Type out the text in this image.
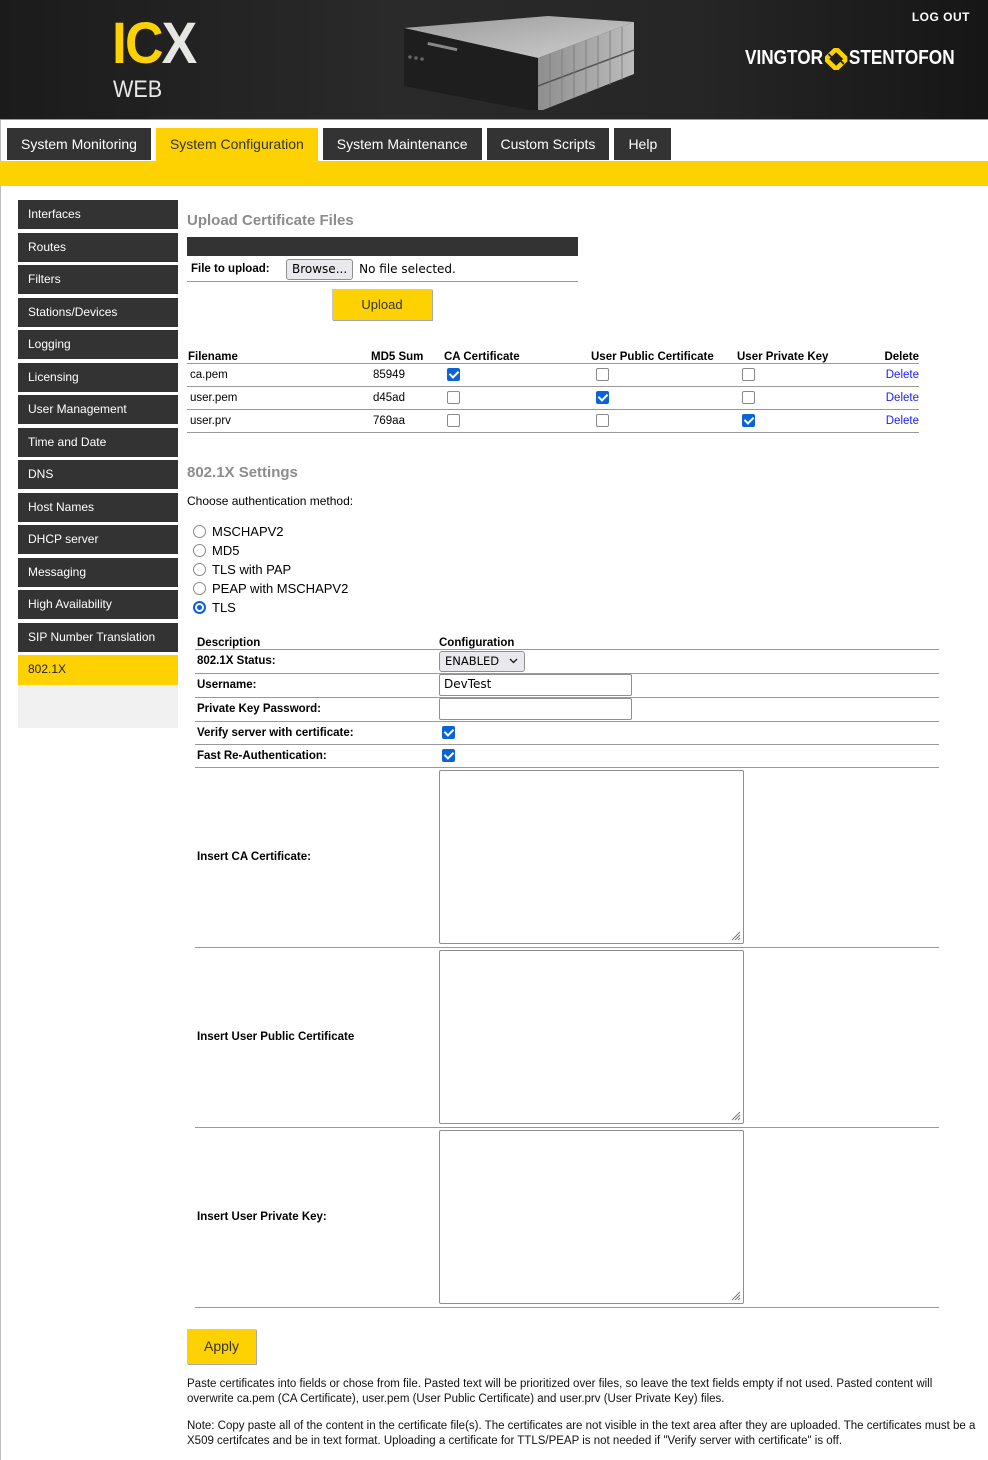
ICX
WEB
LOG OUT
VINGTOR STENTOFON
System Monitoring	System Configuration	System Maintenance	Custom Scripts	Help
Interfaces
Routes
Filters
Stations/Devices
Logging
Licensing
User Management
Time and Date
DNS
Host Names
DHCP server
Messaging
High Availability
SIP Number Translation
802.1X
Upload Certificate Files
File to upload:	Browse...	No file selected.
Upload
Filename	MD5 Sum	CA Certificate	User Public Certificate	User Private Key	Delete
ca.pem	85949				Delete
user.pem	d45ad				Delete
user.prv	769aa				Delete
802.1X Settings
Choose authentication method:
MSCHAPV2
MD5
TLS with PAP
PEAP with MSCHAPV2
TLS
Description	Configuration
802.1X Status:	ENABLED

Username:	DevTest

Private Key Password:	

Verify server with certificate:	
Fast Re-Authentication:	
Insert CA Certificate:	

Insert User Public Certificate	

Insert User Private Key:	
Apply
Paste certificates into fields or chose from file. Pasted text will be prioritized over files, so leave the text fields empty if not used. Pasted content will overwrite ca.pem (CA Certificate), user.pem (User Public Certificate) and user.prv (User Private Key) files.
Note: Copy paste all of the content in the certificate file(s). The certificates are not visible in the text area after they are uploaded. The certificates must be a X509 certifcates and be in text format. Uploading a certificate for TTLS/PEAP is not needed if "Verify server with certificate" is off.
